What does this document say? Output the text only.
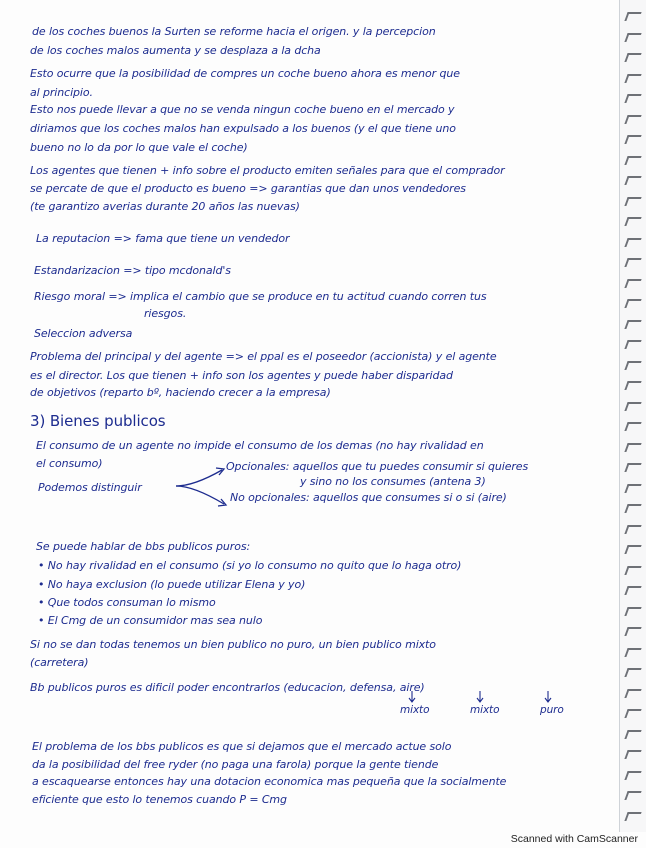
de los coches buenos la Surten se reforme hacia el origen. y la percepcion
de los coches malos aumenta y se desplaza a la dcha
Esto ocurre que la posibilidad de compres un coche bueno ahora es menor que
al principio.
Esto nos puede llevar a que no se venda ningun coche bueno en el mercado y
diriamos que los coches malos han expulsado a los buenos (y el que tiene uno
bueno no lo da por lo que vale el coche)
Los agentes que tienen + info sobre el producto emiten señales para que el comprador
se percate de que el producto es bueno => garantias que dan unos vendedores
(te garantizo averias durante 20 años las nuevas)
La reputacion => fama que tiene un vendedor
Estandarizacion => tipo mcdonald's
Riesgo moral => implica el cambio que se produce en tu actitud cuando corren tus
riesgos.
Seleccion adversa
Problema del principal y del agente => el ppal es el poseedor (accionista) y el agente
es el director. Los que tienen + info son los agentes y puede haber disparidad
de objetivos (reparto bº, haciendo crecer a la empresa)
3) Bienes publicos
El consumo de un agente no impide el consumo de los demas (no hay rivalidad en
el consumo)	Opcionales: aquellos que tu puedes consumir si quieres
y sino no los consumes (antena 3)
Podemos distinguir
No opcionales: aquellos que consumes si o si (aire)
Se puede hablar de bbs publicos puros:
• No hay rivalidad en el consumo (si yo lo consumo no quito que lo haga otro)
• No haya exclusion (lo puede utilizar Elena y yo)
• Que todos consuman lo mismo
• El Cmg de un consumidor mas sea nulo
Si no se dan todas tenemos un bien publico no puro, un bien publico mixto
(carretera)
Bb publicos puros es dificil poder encontrarlos (educacion, defensa, aire)
mixto	mixto	puro
El problema de los bbs publicos es que si dejamos que el mercado actue solo
da la posibilidad del free ryder (no paga una farola) porque la gente tiende
a escaquearse entonces hay una dotacion economica mas pequeña que la socialmente
eficiente que esto lo tenemos cuando P = Cmg
Scanned with CamScanner
